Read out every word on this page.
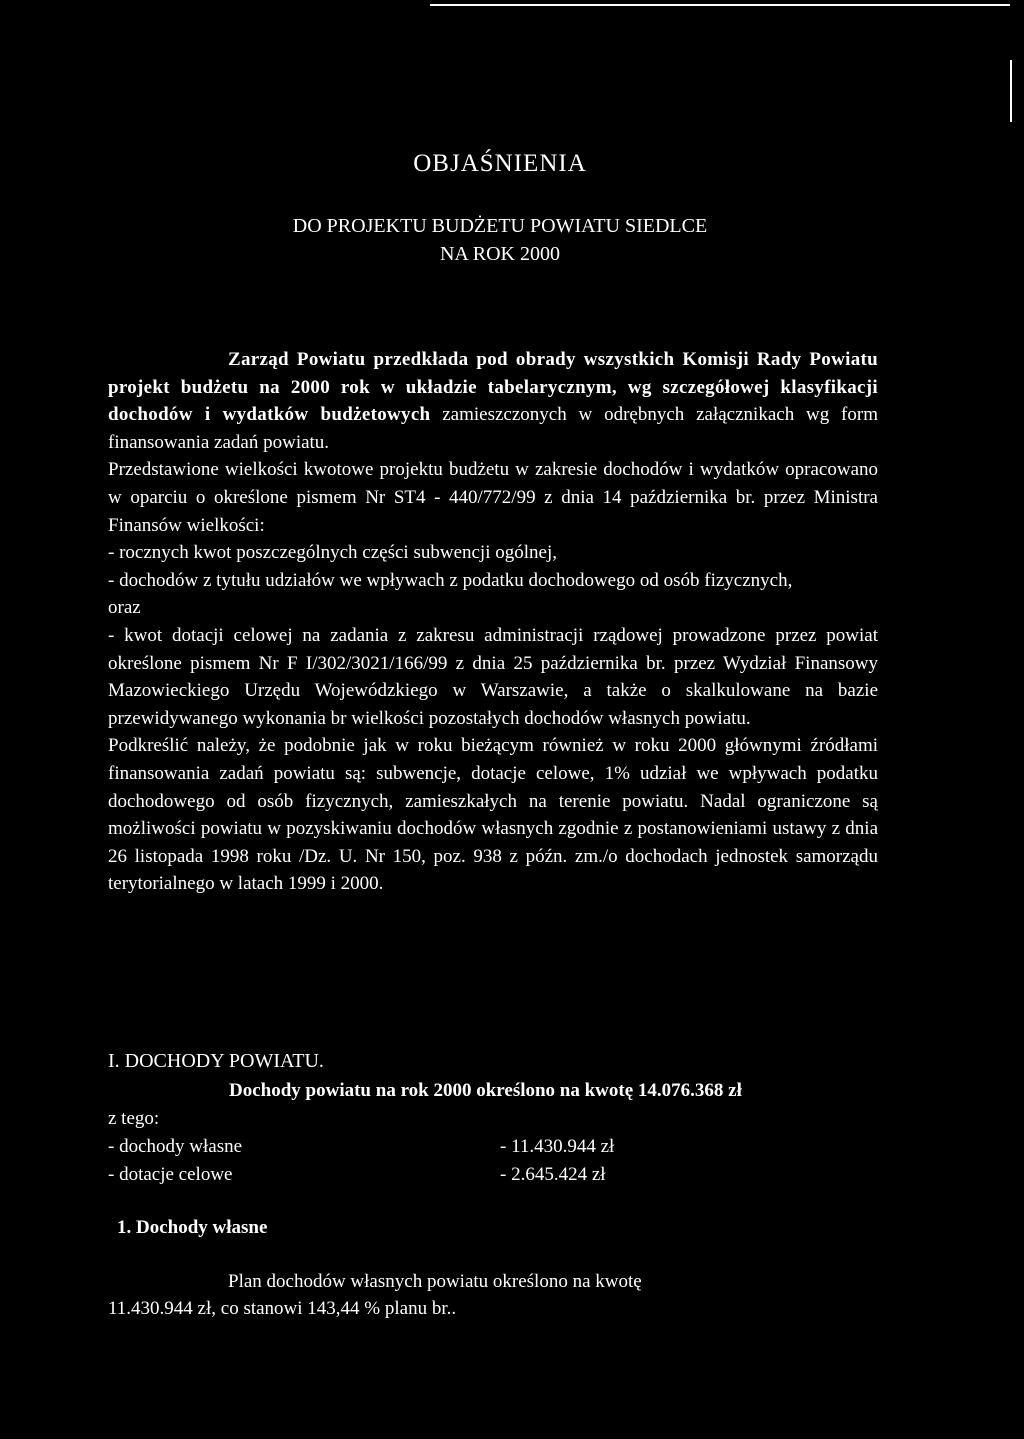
OBJAŚNIENIA
DO PROJEKTU BUDŻETU POWIATU SIEDLCE
NA ROK 2000

Zarząd Powiatu przedkłada pod obrady wszystkich Komisji Rady Powiatu projekt budżetu na 2000 rok w układzie tabelarycznym, wg szczegółowej klasyfikacji dochodów i wydatków budżetowych zamieszczonych w odrębnych załącznikach wg form finansowania zadań powiatu.

Przedstawione wielkości kwotowe projektu budżetu w zakresie dochodów i wydatków opracowano w oparciu o określone pismem Nr ST4 - 440/772/99 z dnia 14 października br. przez Ministra Finansów wielkości:

- rocznych kwot poszczególnych części subwencji ogólnej,

- dochodów z tytułu udziałów we wpływach z podatku dochodowego od osób fizycznych,

oraz

- kwot dotacji celowej na zadania z zakresu administracji rządowej prowadzone przez powiat określone pismem Nr F I/302/3021/166/99 z dnia 25 października br. przez Wydział Finansowy Mazowieckiego Urzędu Wojewódzkiego w Warszawie, a także o skalkulowane na bazie przewidywanego wykonania br wielkości pozostałych dochodów własnych powiatu.

Podkreślić należy, że podobnie jak w roku bieżącym również w roku 2000 głównymi źródłami finansowania zadań powiatu są: subwencje, dotacje celowe, 1% udział we wpływach podatku dochodowego od osób fizycznych, zamieszkałych na terenie powiatu. Nadal ograniczone są możliwości powiatu w pozyskiwaniu dochodów własnych zgodnie z postanowieniami ustawy z dnia 26 listopada 1998 roku /Dz. U. Nr 150, poz. 938 z późn. zm./o dochodach jednostek samorządu terytorialnego w latach 1999 i 2000.

I. DOCHODY POWIATU.
Dochody powiatu na rok 2000 określono na kwotę 14.076.368 zł
z tego:
- dochody własne	- 11.430.944 zł
- dotacje celowe	- 2.645.424 zł
1. Dochody własne
Plan dochodów własnych powiatu określono na kwotę
11.430.944 zł, co stanowi 143,44 % planu br..
